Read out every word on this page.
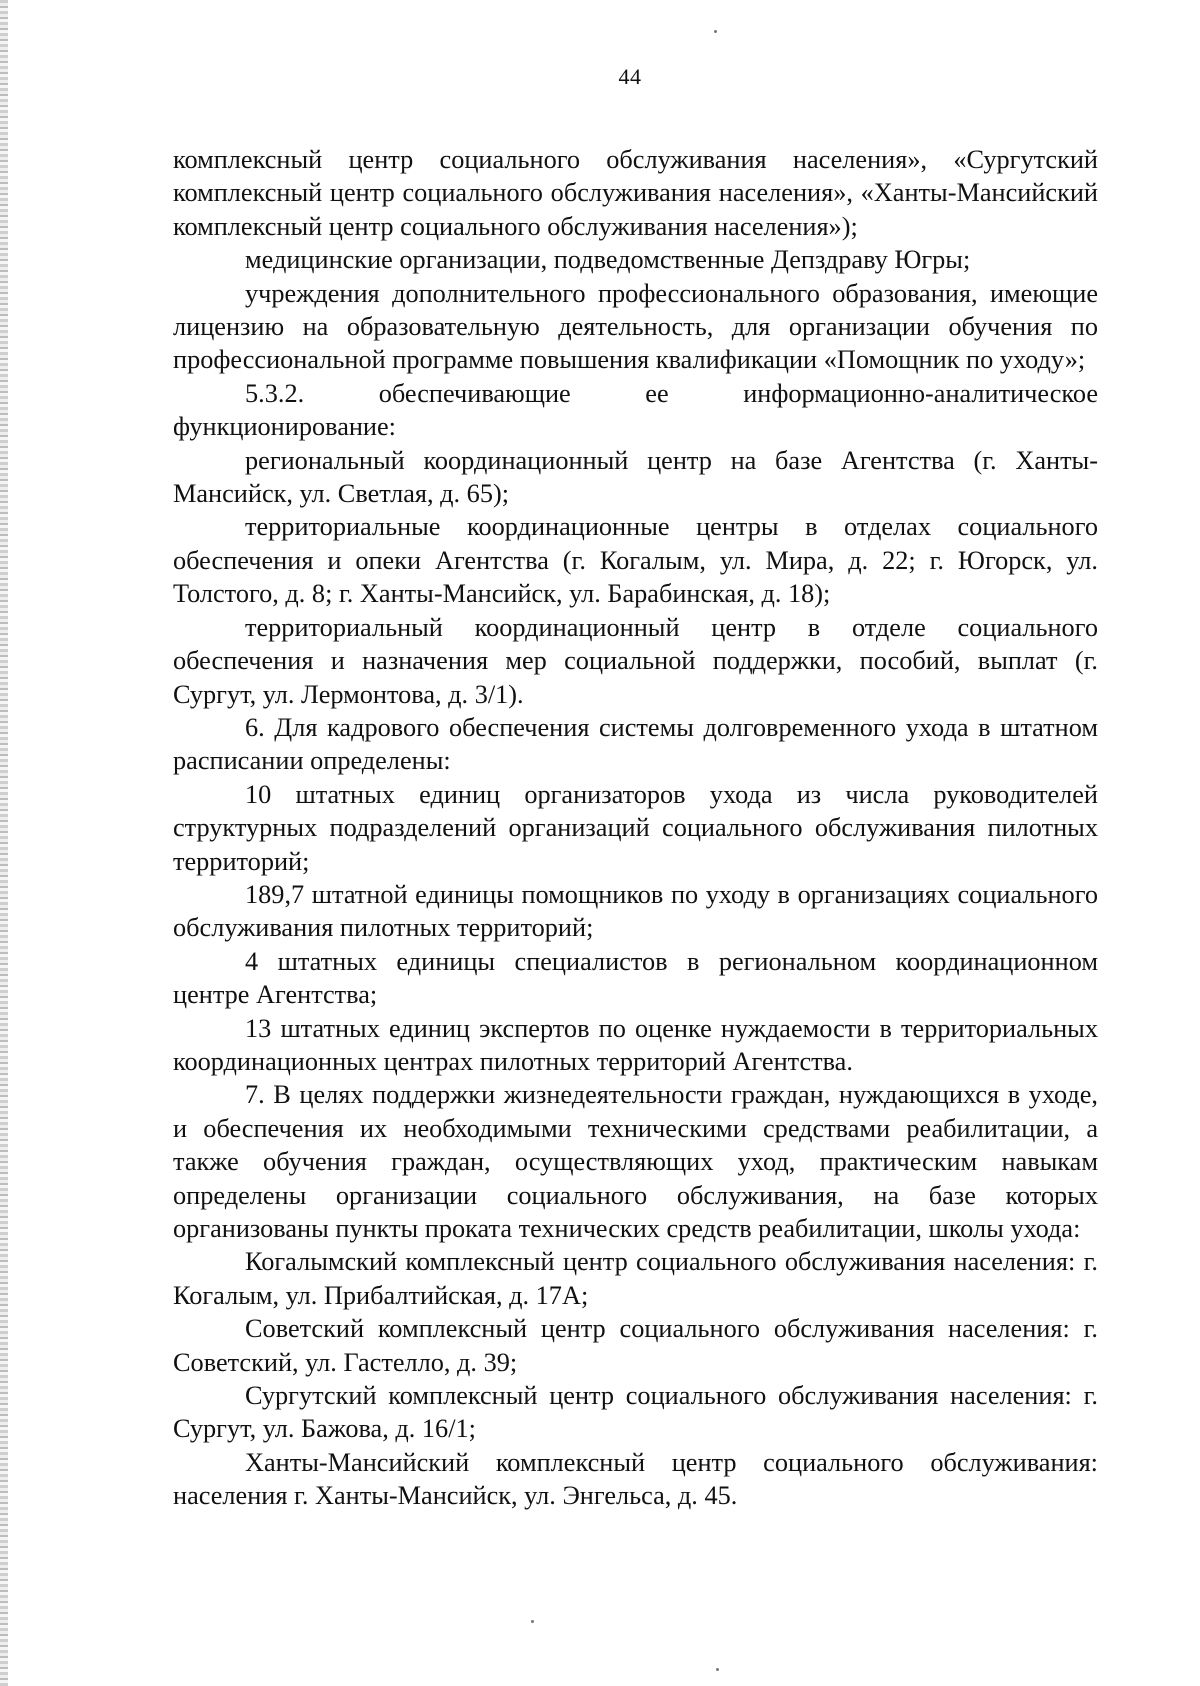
44

комплексный центр социального обслуживания населения», «Сургутский комплексный центр социального обслуживания населения», «Ханты-Мансийский комплексный центр социального обслуживания населения»);

медицинские организации, подведомственные Депздраву Югры;

учреждения дополнительного профессионального образования, имеющие лицензию на образовательную деятельность, для организации обучения по профессиональной программе повышения квалификации «Помощник по уходу»;

5.3.2. обеспечивающие ее информационно-аналитическое функционирование:

региональный координационный центр на базе Агентства (г. Ханты-Мансийск, ул. Светлая, д. 65);

территориальные координационные центры в отделах социального обеспечения и опеки Агентства (г. Когалым, ул. Мира, д. 22; г. Югорск, ул. Толстого, д. 8; г. Ханты-Мансийск, ул. Барабинская, д. 18);

территориальный координационный центр в отделе социального обеспечения и назначения мер социальной поддержки, пособий, выплат (г. Сургут, ул. Лермонтова, д. 3/1).

6. Для кадрового обеспечения системы долговременного ухода в штатном расписании определены:

10 штатных единиц организаторов ухода из числа руководителей структурных подразделений организаций социального обслуживания пилотных территорий;

189,7 штатной единицы помощников по уходу в организациях социального обслуживания пилотных территорий;

4 штатных единицы специалистов в региональном координационном центре Агентства;

13 штатных единиц экспертов по оценке нуждаемости в территориальных координационных центрах пилотных территорий Агентства.

7. В целях поддержки жизнедеятельности граждан, нуждающихся в уходе, и обеспечения их необходимыми техническими средствами реабилитации, а также обучения граждан, осуществляющих уход, практическим навыкам определены организации социального обслуживания, на базе которых организованы пункты проката технических средств реабилитации, школы ухода:

Когалымский комплексный центр социального обслуживания населения: г. Когалым, ул. Прибалтийская, д. 17А;

Советский комплексный центр социального обслуживания населения: г. Советский, ул. Гастелло, д. 39;

Сургутский комплексный центр социального обслуживания населения: г. Сургут, ул. Бажова, д. 16/1;

Ханты-Мансийский комплексный центр социального обслуживания: населения г. Ханты-Мансийск, ул. Энгельса, д. 45.
